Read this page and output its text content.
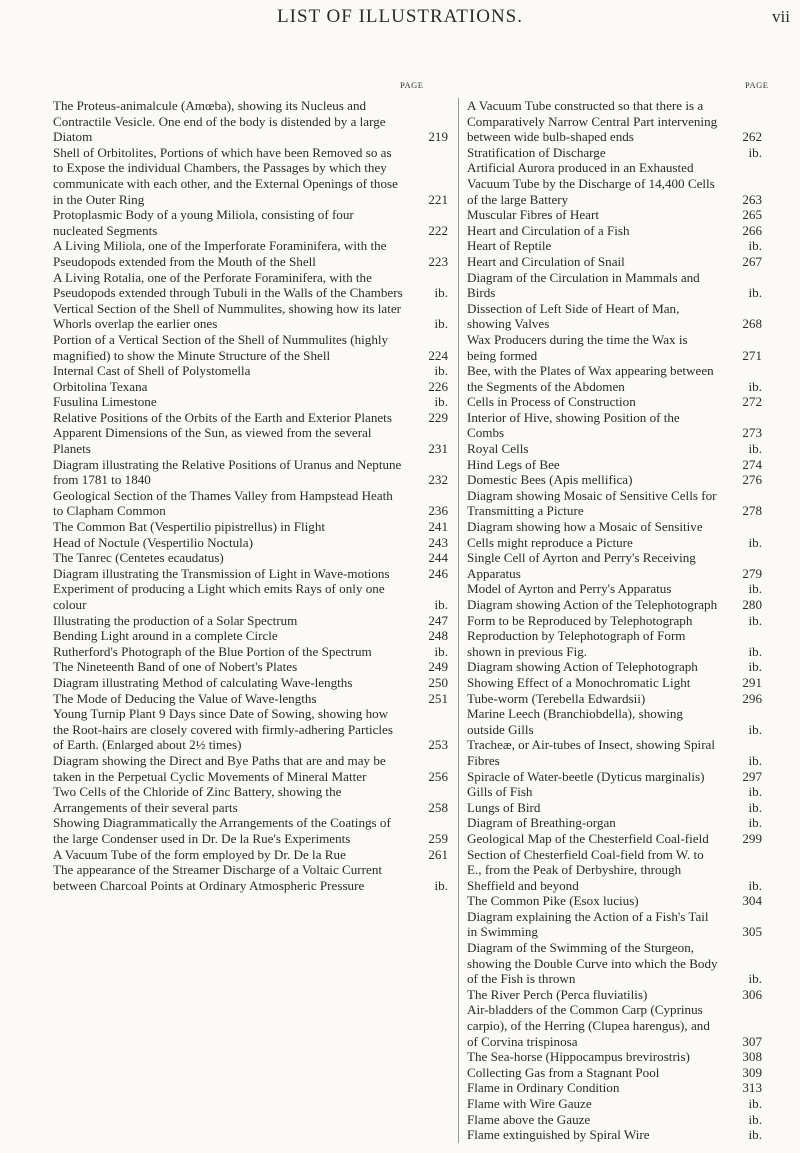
LIST OF ILLUSTRATIONS.	vii
PAGE	PAGE
The Proteus-animalcule (Amœba), showing its Nucleus and Contractile Vesicle. One end of the body is distended by a large Diatom	219
Shell of Orbitolites, Portions of which have been Removed so as to Expose the individual Chambers, the Passages by which they communicate with each other, and the External Openings of those in the Outer Ring	221
Protoplasmic Body of a young Miliola, consisting of four nucleated Segments	222
A Living Miliola, one of the Imperforate Foraminifera, with the Pseudopods extended from the Mouth of the Shell	223
A Living Rotalia, one of the Perforate Foraminifera, with the Pseudopods extended through Tubuli in the Walls of the Chambers	ib.
Vertical Section of the Shell of Nummulites, showing how its later Whorls overlap the earlier ones	ib.
Portion of a Vertical Section of the Shell of Nummulites (highly magnified) to show the Minute Structure of the Shell	224
Internal Cast of Shell of Polystomella	ib.
Orbitolina Texana	226
Fusulina Limestone	ib.
Relative Positions of the Orbits of the Earth and Exterior Planets	229
Apparent Dimensions of the Sun, as viewed from the several Planets	231
Diagram illustrating the Relative Positions of Uranus and Neptune from 1781 to 1840	232
Geological Section of the Thames Valley from Hampstead Heath to Clapham Common	236
The Common Bat (Vespertilio pipistrellus) in Flight	241
Head of Noctule (Vespertilio Noctula)	243
The Tanrec (Centetes ecaudatus)	244
Diagram illustrating the Transmission of Light in Wave-motions	246
Experiment of producing a Light which emits Rays of only one colour	ib.
Illustrating the production of a Solar Spectrum	247
Bending Light around in a complete Circle	248
Rutherford's Photograph of the Blue Portion of the Spectrum	ib.
The Nineteenth Band of one of Nobert's Plates	249
Diagram illustrating Method of calculating Wave-lengths	250
The Mode of Deducing the Value of Wave-lengths	251
Young Turnip Plant 9 Days since Date of Sowing, showing how the Root-hairs are closely covered with firmly-adhering Particles of Earth. (Enlarged about 2½ times)	253
Diagram showing the Direct and Bye Paths that are and may be taken in the Perpetual Cyclic Movements of Mineral Matter	256
Two Cells of the Chloride of Zinc Battery, showing the Arrangements of their several parts	258
Showing Diagrammatically the Arrangements of the Coatings of the large Condenser used in Dr. De la Rue's Experiments	259
A Vacuum Tube of the form employed by Dr. De la Rue	261
The appearance of the Streamer Discharge of a Voltaic Current between Charcoal Points at Ordinary Atmospheric Pressure	ib.
A Vacuum Tube constructed so that there is a Comparatively Narrow Central Part intervening between wide bulb-shaped ends	262
Stratification of Discharge	ib.
Artificial Aurora produced in an Exhausted Vacuum Tube by the Discharge of 14,400 Cells of the large Battery	263
Muscular Fibres of Heart	265
Heart and Circulation of a Fish	266
Heart of Reptile	ib.
Heart and Circulation of Snail	267
Diagram of the Circulation in Mammals and Birds	ib.
Dissection of Left Side of Heart of Man, showing Valves	268
Wax Producers during the time the Wax is being formed	271
Bee, with the Plates of Wax appearing between the Segments of the Abdomen	ib.
Cells in Process of Construction	272
Interior of Hive, showing Position of the Combs	273
Royal Cells	ib.
Hind Legs of Bee	274
Domestic Bees (Apis mellifica)	276
Diagram showing Mosaic of Sensitive Cells for Transmitting a Picture	278
Diagram showing how a Mosaic of Sensitive Cells might reproduce a Picture	ib.
Single Cell of Ayrton and Perry's Receiving Apparatus	279
Model of Ayrton and Perry's Apparatus	ib.
Diagram showing Action of the Telephotograph	280
Form to be Reproduced by Telephotograph	ib.
Reproduction by Telephotograph of Form shown in previous Fig.	ib.
Diagram showing Action of Telephotograph	ib.
Showing Effect of a Monochromatic Light	291
Tube-worm (Terebella Edwardsii)	296
Marine Leech (Branchiobdella), showing outside Gills	ib.
Tracheæ, or Air-tubes of Insect, showing Spiral Fibres	ib.
Spiracle of Water-beetle (Dyticus marginalis)	297
Gills of Fish	ib.
Lungs of Bird	ib.
Diagram of Breathing-organ	ib.
Geological Map of the Chesterfield Coal-field	299
Section of Chesterfield Coal-field from W. to E., from the Peak of Derbyshire, through Sheffield and beyond	ib.
The Common Pike (Esox lucius)	304
Diagram explaining the Action of a Fish's Tail in Swimming	305
Diagram of the Swimming of the Sturgeon, showing the Double Curve into which the Body of the Fish is thrown	ib.
The River Perch (Perca fluviatilis)	306
Air-bladders of the Common Carp (Cyprinus carpio), of the Herring (Clupea harengus), and of Corvina trispinosa	307
The Sea-horse (Hippocampus brevirostris)	308
Collecting Gas from a Stagnant Pool	309
Flame in Ordinary Condition	313
Flame with Wire Gauze	ib.
Flame above the Gauze	ib.
Flame extinguished by Spiral Wire	ib.
